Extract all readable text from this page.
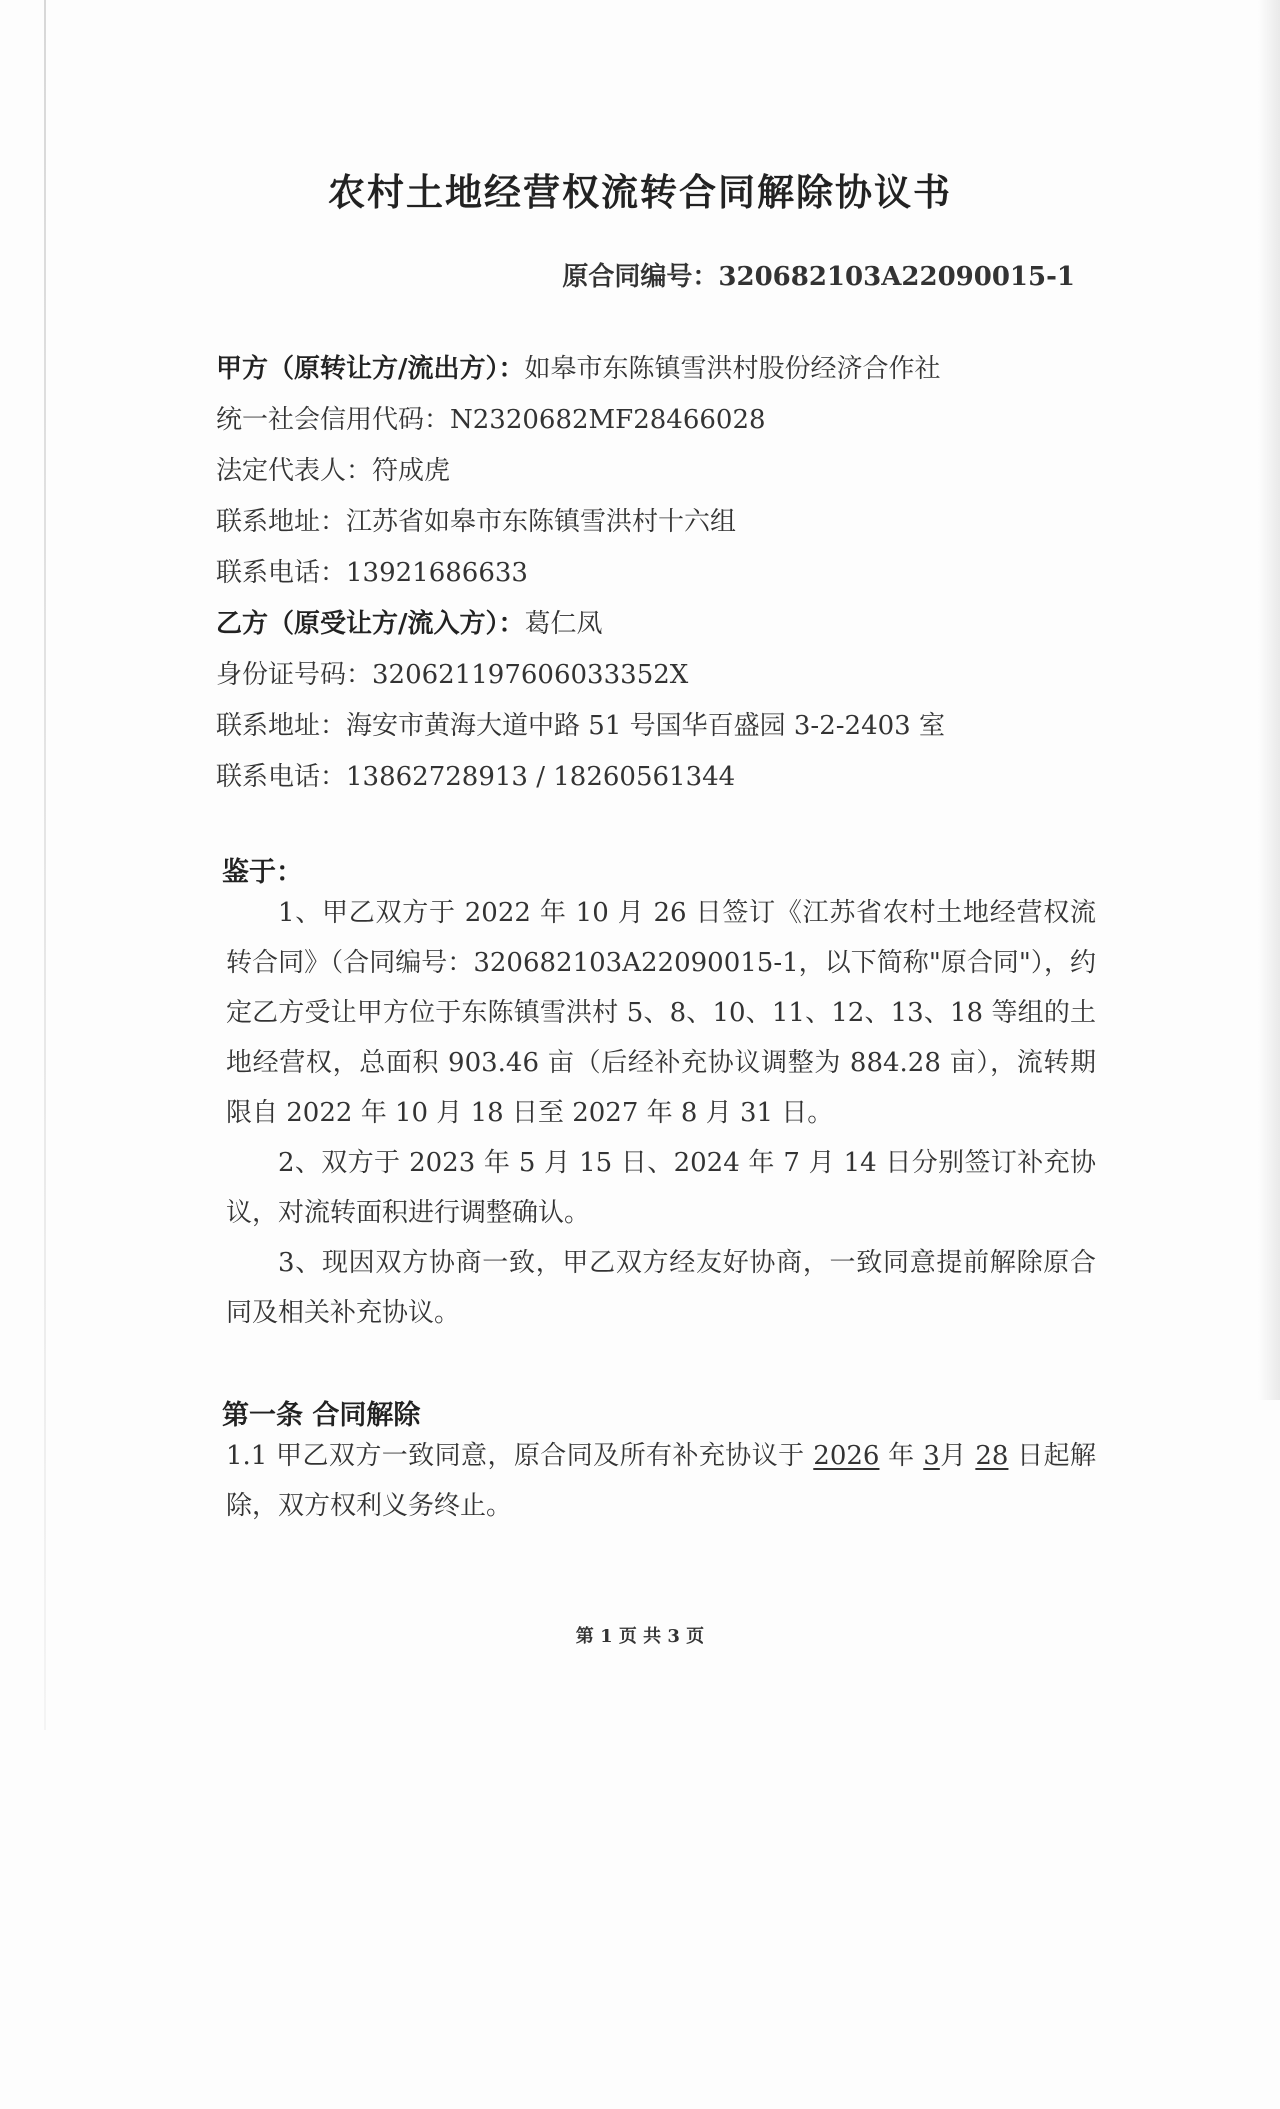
农村土地经营权流转合同解除协议书
原合同编号：320682103A22090015-1
甲方（原转让方/流出方）：如皋市东陈镇雪洪村股份经济合作社
统一社会信用代码：N2320682MF28466028
法定代表人：符成虎
联系地址：江苏省如皋市东陈镇雪洪村十六组
联系电话：13921686633
乙方（原受让方/流入方）：葛仁凤
身份证号码：320621197606033352X
联系地址：海安市黄海大道中路 51 号国华百盛园 3-2-2403 室
联系电话：13862728913 / 18260561344
鉴于：
1、甲乙双方于 2022 年 10 月 26 日签订《江苏省农村土地经营权流转合同》（合同编号：320682103A22090015-1，以下简称"原合同"），约定乙方受让甲方位于东陈镇雪洪村 5、8、10、11、12、13、18 等组的土地经营权，总面积 903.46 亩（后经补充协议调整为 884.28 亩），流转期限自 2022 年 10 月 18 日至 2027 年 8 月 31 日。
2、双方于 2023 年 5 月 15 日、2024 年 7 月 14 日分别签订补充协议，对流转面积进行调整确认。
3、现因双方协商一致，甲乙双方经友好协商，一致同意提前解除原合同及相关补充协议。
第一条 合同解除
1.1 甲乙双方一致同意，原合同及所有补充协议于 2026 年 3月 28 日起解除，双方权利义务终止。
第 1 页 共 3 页
